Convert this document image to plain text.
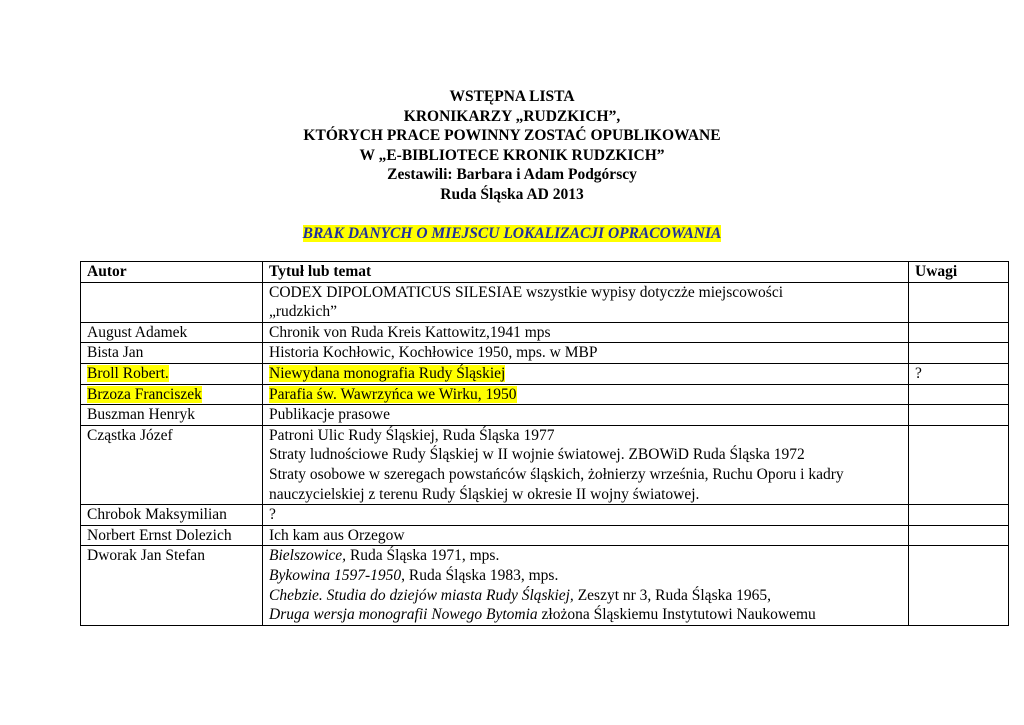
WSTĘPNA LISTA
KRONIKARZY „RUDZKICH”,
KTÓRYCH PRACE POWINNY ZOSTAĆ OPUBLIKOWANE
W „E-BIBLIOTECE KRONIK RUDZKICH”
Zestawili: Barbara i Adam Podgórscy
Ruda Śląska AD 2013
BRAK DANYCH O MIEJSCU LOKALIZACJI OPRACOWANIA
Autor	Tytuł lub temat	Uwagi

	CODEX DIPOLOMATICUS SILESIAE wszystkie wypisy dotyczże miejscowości
„rudzkich”	

August Adamek	Chronik von Ruda Kreis Kattowitz,1941 mps	
Bista Jan	Historia Kochłowic, Kochłowice 1950, mps. w MBP	
Broll Robert.	Niewydana monografia Rudy Śląskiej	?
Brzoza Franciszek	Parafia św. Wawrzyńca we Wirku, 1950	
Buszman Henryk	Publikacje prasowe	
Cząstka Józef	Patroni Ulic Rudy Śląskiej, Ruda Śląska 1977
Straty ludnościowe Rudy Śląskiej w II wojnie światowej. ZBOWiD Ruda Śląska 1972
Straty osobowe w szeregach powstańców śląskich, żołnierzy września, Ruchu Oporu i kadry
nauczycielskiej z terenu Rudy Śląskiej w okresie II wojny światowej.	

Chrobok Maksymilian	?	
Norbert Ernst Dolezich	Ich kam aus Orzegow	
Dworak Jan Stefan	Bielszowice, Ruda Śląska 1971, mps.
Bykowina 1597-1950, Ruda Śląska 1983, mps.
Chebzie. Studia do dziejów miasta Rudy Śląskiej, Zeszyt nr 3, Ruda Śląska 1965,
Druga wersja monografii Nowego Bytomia złożona Śląskiemu Instytutowi Naukowemu	
